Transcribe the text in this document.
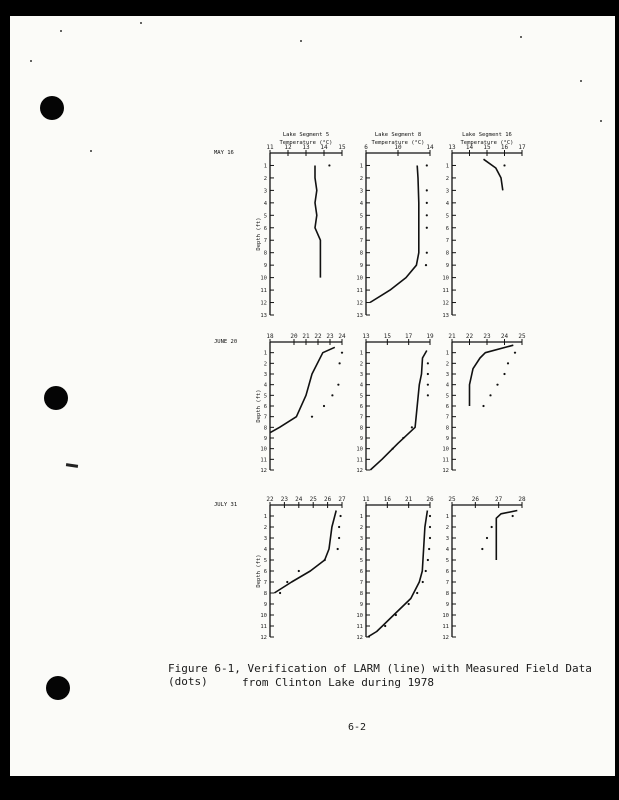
11 12 13 14 15
1
2
3
4
5
6
7
8
9
10
11
12
13
Lake Segment 5
Temperature (°C)
Depth (ft)
MAY 16
6	10	14
1
2
3
4
5
6
7
8
9
10
11
12
13
Lake Segment 8
Temperature (°C)
13 14 15 16 17
1
2
3
4
5
6
7
8
9
10
11
12
13
Lake Segment 16
Temperature (°C)
18	20 21 22 23 24
1
2
3
4
5
6
7
8
9
10
11
12
Depth (ft)
JUNE 20
13 15 17 19
1
2
3
4
5
6
7
8
9
10
11
12
21 22 23 24 25
1
2
3
4
5
6
7
8
9
10
11
12
22 23 24 25 26 27
1
2
3
4
5
6
7
8
9
10
11
12
Depth (ft)
JULY 31
11 16 21 26
1
2
3
4
5
6
7
8
9
10
11
12
25	26	27	28
1
2
3
4
5
6
7
8
9
10
11
12
Figure 6-1, Verification of LARM (line) with Measured Field Data (dots)	from Clinton Lake during 1978
6-2
